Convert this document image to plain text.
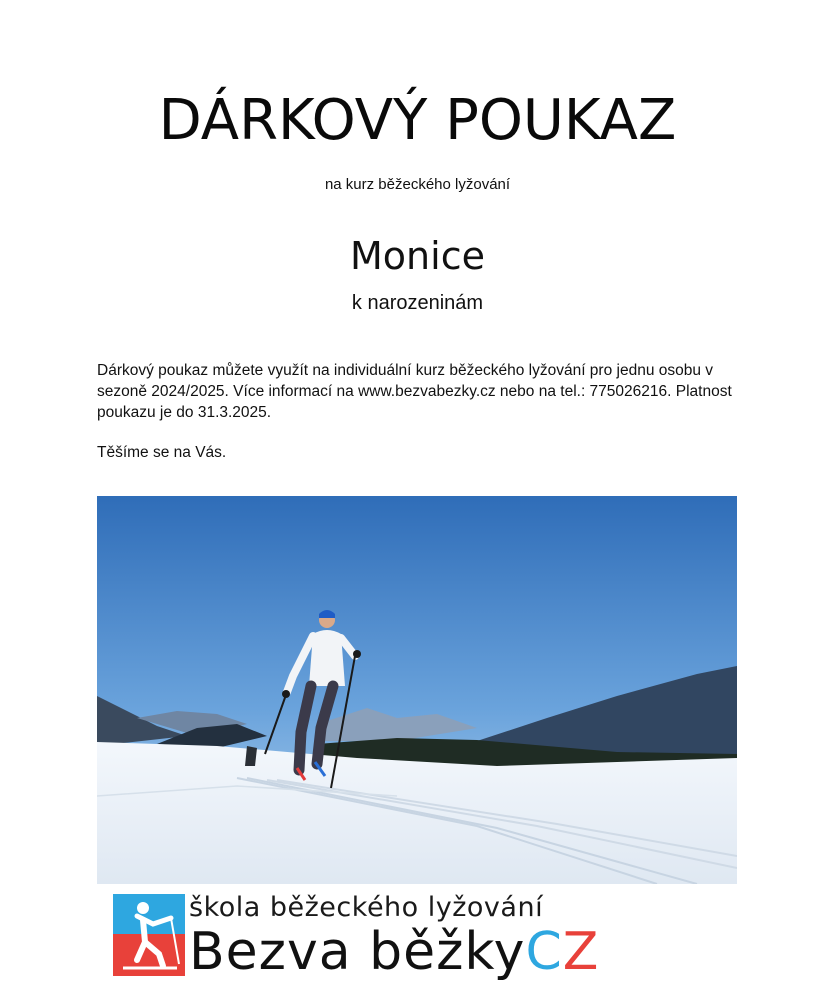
DÁRKOVÝ POUKAZ
na kurz běžeckého lyžování
Monice
k narozeninám

Dárkový poukaz můžete využít na individuální kurz běžeckého lyžování pro jednu osobu v sezoně 2024/2025. Více informací na www.bezvabezky.cz nebo na tel.: 775026216. Platnost poukazu je do 31.3.2025.

Těšíme se na Vás.
škola běžeckého lyžování
Bezva běžkyCZ
